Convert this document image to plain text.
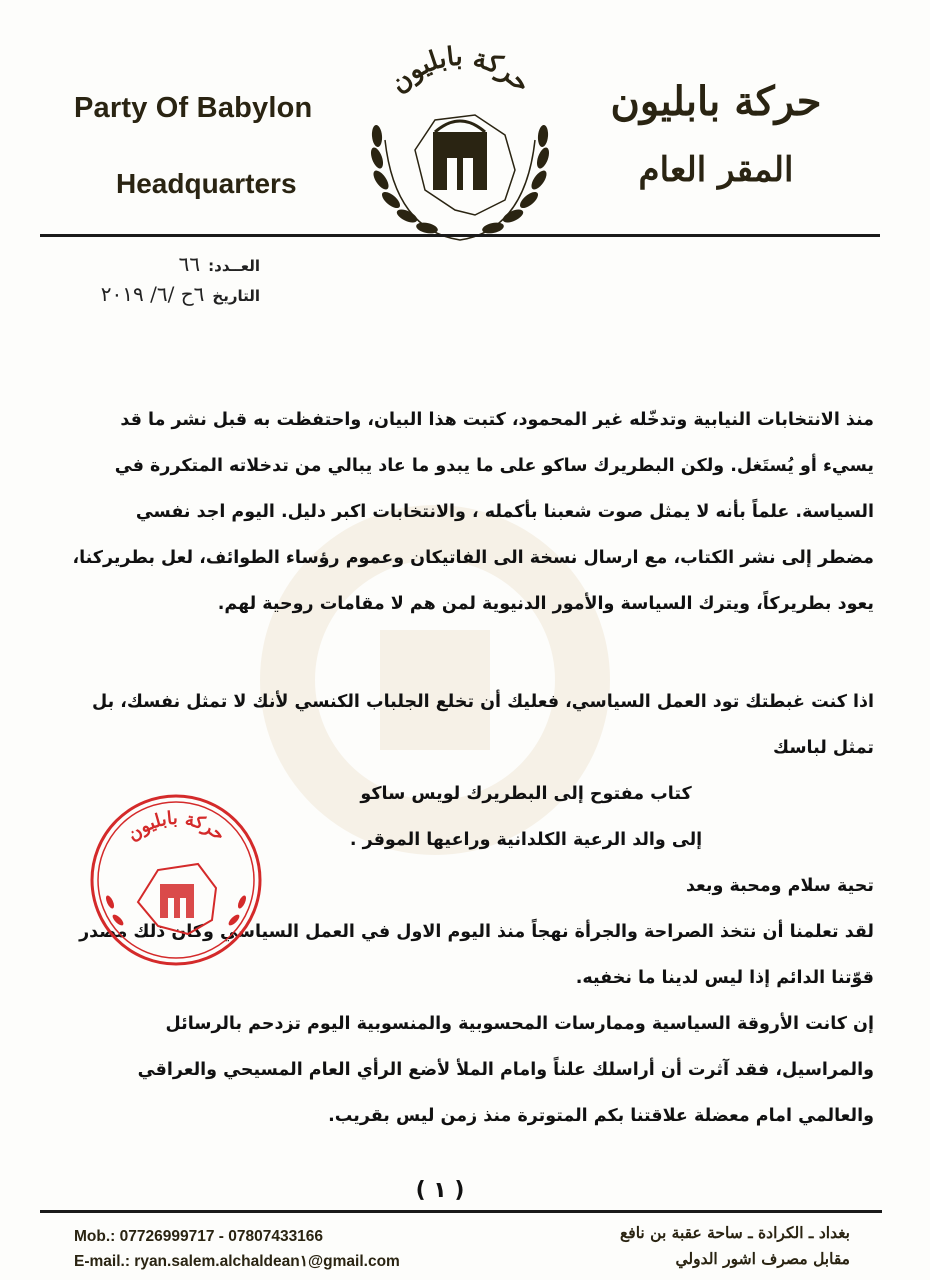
Party Of Babylon
Headquarters
حركة بابليون
المقر العام
حركة بابليون
العــدد:
٦٦
التاريخ
٦ح /٦/ ٢٠١٩
منذ الانتخابات النيابية وتدخّله غير المحمود، كتبت هذا البيان، واحتفظت به قبل نشر ما قد
يسيء أو يُستَغل. ولكن البطريرك ساكو على ما يبدو ما عاد يبالي من تدخلاته المتكررة في
السياسة. علماً بأنه لا يمثل صوت شعبنا بأكمله ، والانتخابات اكبر دليل. اليوم اجد نفسي
مضطر إلى نشر الكتاب، مع ارسال نسخة الى الفاتيكان وعموم رؤساء الطوائف، لعل بطريركنا،
يعود بطريركاً، ويترك السياسة والأمور الدنيوية لمن هم لا مقامات روحية لهم.
اذا كنت غبطتك تود العمل السياسي، فعليك أن تخلع الجلباب الكنسي لأنك لا تمثل نفسك، بل
تمثل لباسك
كتاب مفتوح إلى البطريرك لويس ساكو
إلى والد الرعية الكلدانية وراعيها الموقر .
تحية سلام ومحبة وبعد
لقد تعلمنا أن نتخذ الصراحة والجرأة نهجاً منذ اليوم الاول في العمل السياسي وكان ذلك مصدر
قوّتنا الدائم إذا ليس لدينا ما نخفيه.
إن كانت الأروقة السياسية وممارسات المحسوبية والمنسوبية اليوم تزدحم بالرسائل
والمراسيل، فقد آثرت أن أراسلك علناً وامام الملأ لأضع الرأي العام المسيحي والعراقي
والعالمي امام معضلة علاقتنا بكم المتوترة منذ زمن ليس بقريب.
حركة بابليون
( ١ )
Mob.: 07726999717 - 07807433166
E-mail.: ryan.salem.alchaldean١@gmail.com
بغداد ـ الكرادة ـ ساحة عقبة بن نافع
مقابل مصرف اشور الدولي
